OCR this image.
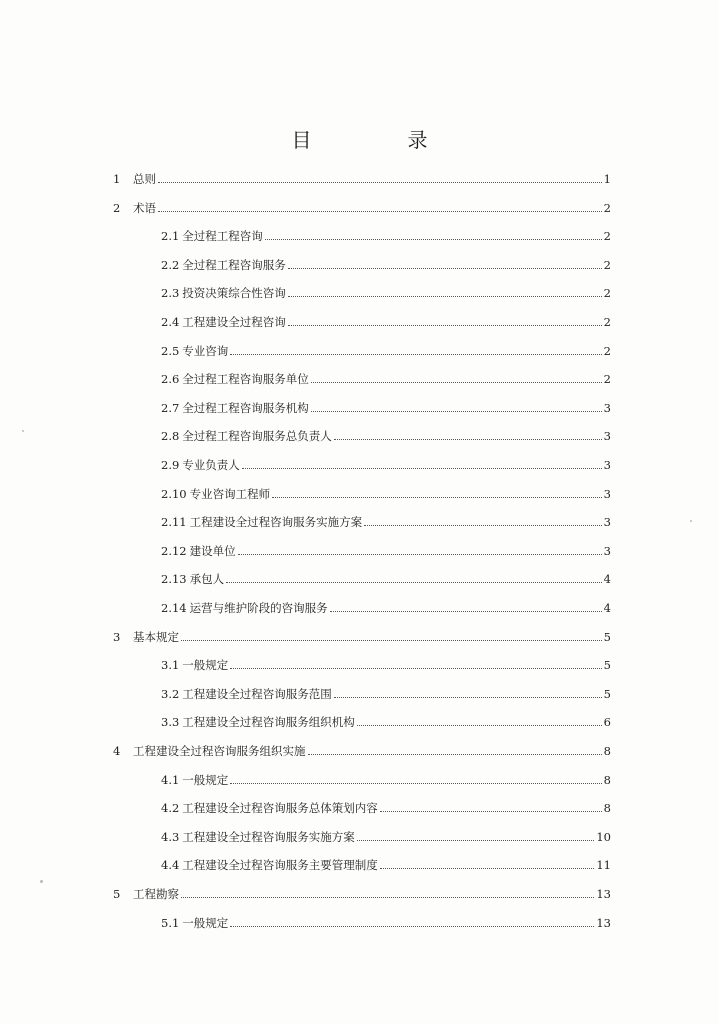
目　录
1	总则	1
2	术语	2
2.1 全过程工程咨询	2
2.2 全过程工程咨询服务	2
2.3 投资决策综合性咨询	2
2.4 工程建设全过程咨询	2
2.5 专业咨询	2
2.6 全过程工程咨询服务单位	2
2.7 全过程工程咨询服务机构	3
2.8 全过程工程咨询服务总负责人	3
2.9 专业负责人	3
2.10 专业咨询工程师	3
2.11 工程建设全过程咨询服务实施方案	3
2.12 建设单位	3
2.13 承包人	4
2.14 运营与维护阶段的咨询服务	4
3	基本规定	5
3.1 一般规定	5
3.2 工程建设全过程咨询服务范围	5
3.3 工程建设全过程咨询服务组织机构	6
4	工程建设全过程咨询服务组织实施	8
4.1 一般规定	8
4.2 工程建设全过程咨询服务总体策划内容	8
4.3 工程建设全过程咨询服务实施方案	10
4.4 工程建设全过程咨询服务主要管理制度	11
5	工程勘察	13
5.1 一般规定	13
